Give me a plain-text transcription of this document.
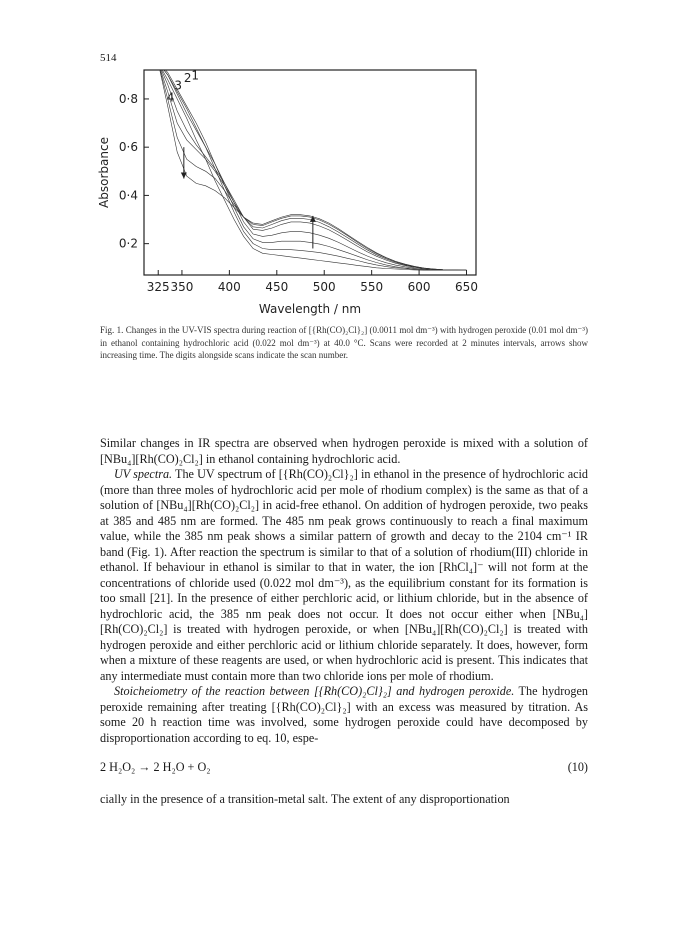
514
325 350 400 450 500 550 600 650
0·2
0·4
0·6
0·8
Wavelength / nm
Absorbance
1
2
3
4
Fig. 1. Changes in the UV-VIS spectra during reaction of [{Rh(CO)₂Cl}₂] (0.0011 mol dm⁻³) with hydrogen peroxide (0.01 mol dm⁻³) in ethanol containing hydrochloric acid (0.022 mol dm⁻³) at 40.0 °C. Scans were recorded at 2 minutes intervals, arrows show increasing time. The digits alongside scans indicate the scan number.

Similar changes in IR spectra are observed when hydrogen peroxide is mixed with a solution of [NBu₄][Rh(CO)₂Cl₂] in ethanol containing hydrochloric acid.

UV spectra. The UV spectrum of [{Rh(CO)₂Cl}₂] in ethanol in the presence of hydrochloric acid (more than three moles of hydrochloric acid per mole of rhodium complex) is the same as that of a solution of [NBu₄][Rh(CO)₂Cl₂] in acid-free ethanol. On addition of hydrogen peroxide, two peaks at 385 and 485 nm are formed. The 485 nm peak grows continuously to reach a final maximum value, while the 385 nm peak shows a similar pattern of growth and decay to the 2104 cm⁻¹ IR band (Fig. 1). After reaction the spectrum is similar to that of a solution of rhodium(III) chloride in ethanol. If behaviour in ethanol is similar to that in water, the ion [RhCl₄]⁻ will not form at the concentrations of chloride used (0.022 mol dm⁻³), as the equilibrium constant for its formation is too small [21]. In the presence of either perchloric acid, or lithium chloride, but in the absence of hydrochloric acid, the 385 nm peak does not occur. It does not occur either when [NBu₄][Rh(CO)₂Cl₂] is treated with hydrogen peroxide, or when [NBu₄][Rh(CO)₂Cl₂] is treated with hydrogen peroxide and either perchloric acid or lithium chloride separately. It does, however, form when a mixture of these reagents are used, or when hydrochloric acid is present. This indicates that any intermediate must contain more than two chloride ions per mole of rhodium.

Stoicheiometry of the reaction between [{Rh(CO)₂Cl}₂] and hydrogen peroxide. The hydrogen peroxide remaining after treating [{Rh(CO)₂Cl}₂] with an excess was measured by titration. As some 20 h reaction time was involved, some hydrogen peroxide could have decomposed by disproportionation according to eq. 10, espe-

2 H₂O₂ → 2 H₂O + O₂	(10)
cially in the presence of a transition-metal salt. The extent of any disproportionation
